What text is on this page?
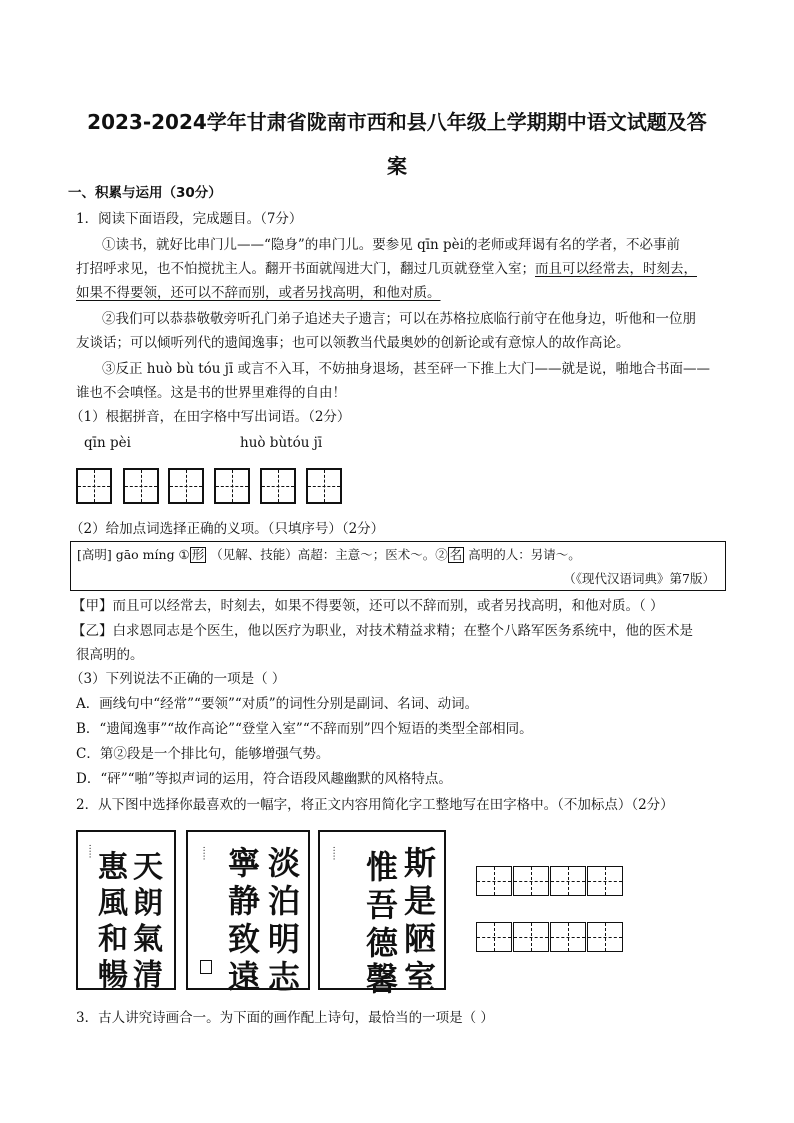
2023-2024学年甘肃省陇南市西和县八年级上学期期中语文试题及答
案
一、积累与运用（30分）
1．阅读下面语段，完成题目。（7分）
①读书，就好比串门儿——“隐身”的串门儿。要参见 qīn pèi的老师或拜谒有名的学者，不必事前
打招呼求见，也不怕搅扰主人。翻开书面就闯进大门，翻过几页就登堂入室；而且可以经常去，时刻去，
如果不得要领，还可以不辞而别，或者另找高明，和他对质。
②我们可以恭恭敬敬旁听孔门弟子追述夫子遗言；可以在苏格拉底临行前守在他身边，听他和一位朋
友谈话；可以倾听列代的遗闻逸事；也可以领教当代最奥妙的创新论或有意惊人的故作高论。
③反正 huò bù tóu jī 或言不入耳，不妨抽身退场，甚至砰一下推上大门——就是说，啪地合书面——
谁也不会嗔怪。这是书的世界里难得的自由！
（1）根据拼音，在田字格中写出词语。（2分）
qīn pèi	huò bùtóu jī
（2）给加点词选择正确的义项。（只填序号）（2分）
[高明] gāo míng ① 形 （见解、技能）高超：主意～；医术～。② 名 高明的人：另请～。
（《现代汉语词典》第7版）
【甲】而且可以经常去，时刻去，如果不得要领，还可以不辞而别，或者另找高明，和他对质。（ ）
【乙】白求恩同志是个医生，他以医疗为职业，对技术精益求精；在整个八路军医务系统中，他的医术是
很高明的。
（3）下列说法不正确的一项是（ ）
A．画线句中“经常”“要领”“对质”的词性分别是副词、名词、动词。
B．“遗闻逸事”“故作高论”“登堂入室”“不辞而别”四个短语的类型全部相同。
C．第②段是一个排比句，能够增强气势。
D．“砰”“啪”等拟声词的运用，符合语段风趣幽默的风格特点。
2．从下图中选择你最喜欢的一幅字，将正文内容用简化字工整地写在田字格中。（不加标点）（2分）
····· 天
朗
氣
清
惠
風
和
暢
淡
泊
明
志
寧
静
致
遠
·····	斯
是
陋
室
惟
吾
德
馨
·····
3．古人讲究诗画合一。为下面的画作配上诗句，最恰当的一项是（ ）
